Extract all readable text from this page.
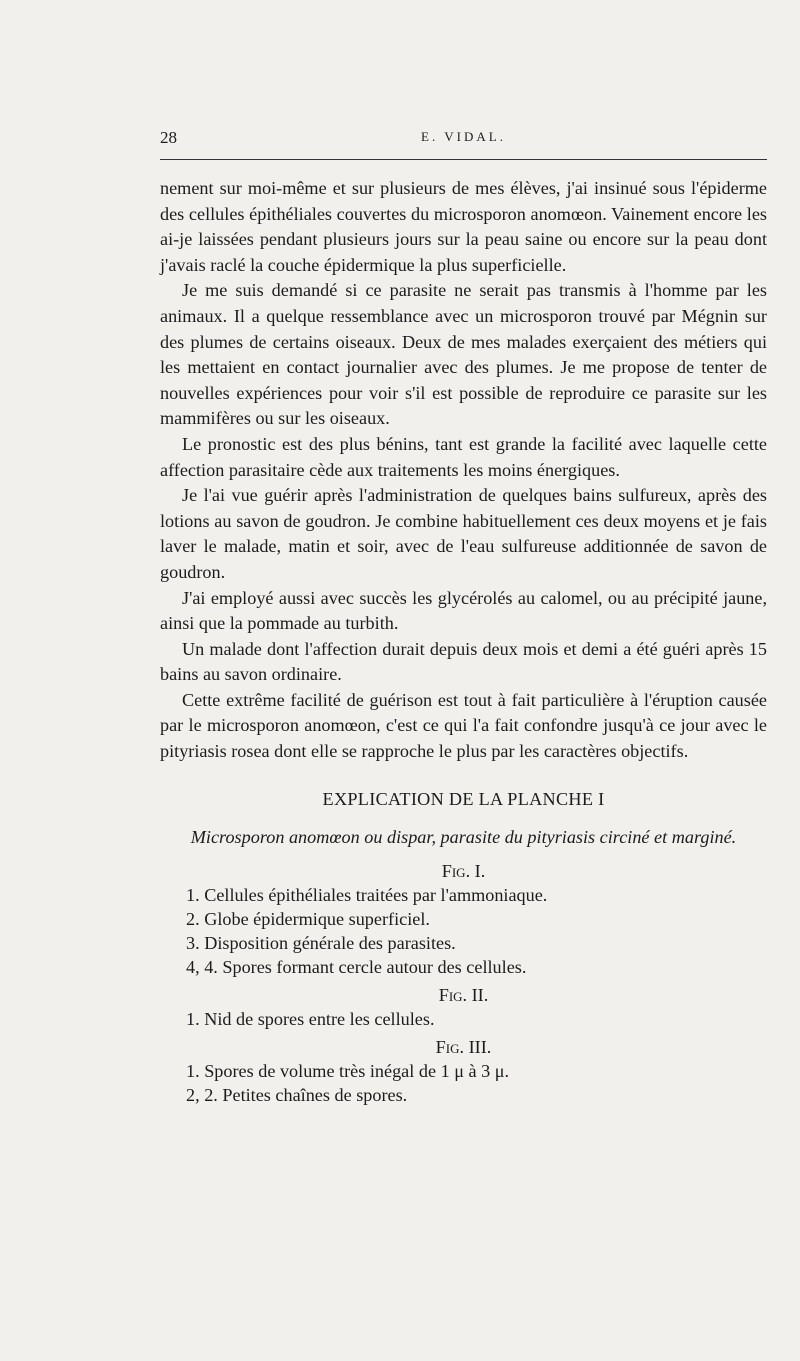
28	E. VIDAL.

nement sur moi-même et sur plusieurs de mes élèves, j'ai insinué sous l'épiderme des cellules épithéliales couvertes du microsporon anomœon. Vainement encore les ai-je laissées pendant plusieurs jours sur la peau saine ou encore sur la peau dont j'avais raclé la couche épidermique la plus superficielle.

Je me suis demandé si ce parasite ne serait pas transmis à l'homme par les animaux. Il a quelque ressemblance avec un microsporon trouvé par Mégnin sur des plumes de certains oiseaux. Deux de mes malades exerçaient des métiers qui les mettaient en contact journalier avec des plumes. Je me propose de tenter de nouvelles expériences pour voir s'il est possible de reproduire ce parasite sur les mammifères ou sur les oiseaux.

Le pronostic est des plus bénins, tant est grande la facilité avec laquelle cette affection parasitaire cède aux traitements les moins énergiques.

Je l'ai vue guérir après l'administration de quelques bains sulfureux, après des lotions au savon de goudron. Je combine habituellement ces deux moyens et je fais laver le malade, matin et soir, avec de l'eau sulfureuse additionnée de savon de goudron.

J'ai employé aussi avec succès les glycérolés au calomel, ou au précipité jaune, ainsi que la pommade au turbith.

Un malade dont l'affection durait depuis deux mois et demi a été guéri après 15 bains au savon ordinaire.

Cette extrême facilité de guérison est tout à fait particulière à l'éruption causée par le microsporon anomœon, c'est ce qui l'a fait confondre jusqu'à ce jour avec le pityriasis rosea dont elle se rapproche le plus par les caractères objectifs.

EXPLICATION DE LA PLANCHE I
Microsporon anomœon ou dispar, parasite du pityriasis circiné et marginé.
Fig. I.
1. Cellules épithéliales traitées par l'ammoniaque.
2. Globe épidermique superficiel.
3. Disposition générale des parasites.
4, 4. Spores formant cercle autour des cellules.
Fig. II.
1. Nid de spores entre les cellules.
Fig. III.
1. Spores de volume très inégal de 1 μ à 3 μ.
2, 2. Petites chaînes de spores.
